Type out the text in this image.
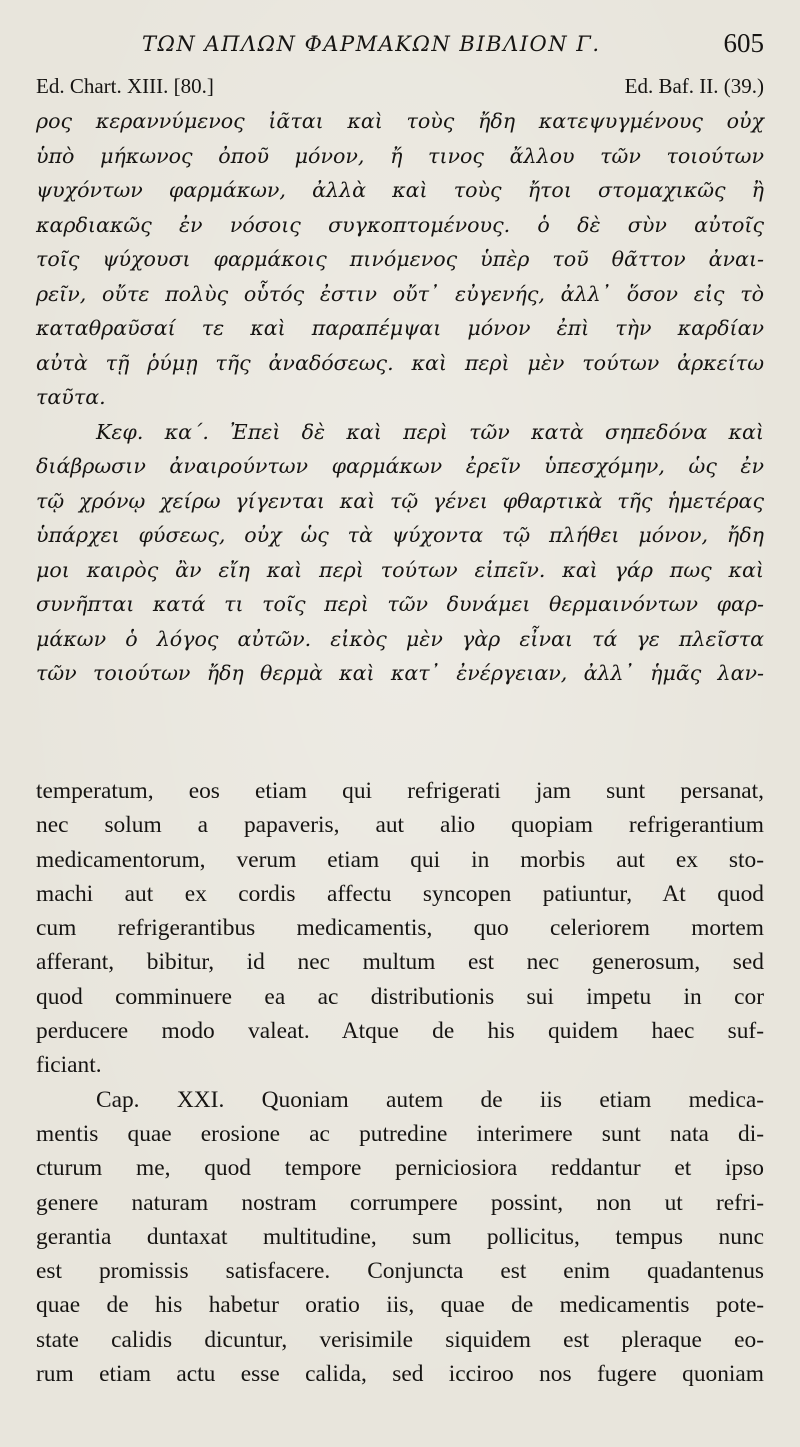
ΤΩΝ ΑΠΛΩΝ ΦΑΡΜΑΚΩΝ ΒΙΒΛΙΟΝ Γ.	605
Ed. Chart. XIII. [80.]	Ed. Baf. II. (39.)
ρος κεραννύμενος ἰᾶται καὶ τοὺς ἤδη κατεψυγμένους οὐχ
ὑπὸ μήκωνος ὀποῦ μόνον, ἤ τινος ἄλλου τῶν τοιούτων
ψυχόντων φαρμάκων, ἀλλὰ καὶ τοὺς ἤτοι στομαχικῶς ἢ
καρδιακῶς ἐν νόσοις συγκοπτομένους. ὁ δὲ σὺν αὐτοῖς
τοῖς ψύχουσι φαρμάκοις πινόμενος ὑπὲρ τοῦ θᾶττον ἀναι-
ρεῖν, οὔτε πολὺς οὗτός ἐστιν οὔτ᾽ εὐγενής, ἀλλ᾽ ὅσον εἰς τὸ
καταθραῦσαί τε καὶ παραπέμψαι μόνον ἐπὶ τὴν καρδίαν
αὐτὰ τῇ ῥύμῃ τῆς ἀναδόσεως. καὶ περὶ μὲν τούτων ἀρκείτω
ταῦτα.
Κεφ. κα΄. Ἐπεὶ δὲ καὶ περὶ τῶν κατὰ σηπεδόνα καὶ
διάβρωσιν ἀναιρούντων φαρμάκων ἐρεῖν ὑπεσχόμην, ὡς ἐν
τῷ χρόνῳ χείρω γίγενται καὶ τῷ γένει φθαρτικὰ τῆς ἡμετέρας
ὑπάρχει φύσεως, οὐχ ὡς τὰ ψύχοντα τῷ πλήθει μόνον, ἤδη
μοι καιρὸς ἂν εἴη καὶ περὶ τούτων εἰπεῖν. καὶ γάρ πως καὶ
συνῆπται κατά τι τοῖς περὶ τῶν δυνάμει θερμαινόντων φαρ-
μάκων ὁ λόγος αὐτῶν. εἰκὸς μὲν γὰρ εἶναι τά γε πλεῖστα
τῶν τοιούτων ἤδη θερμὰ καὶ κατ᾽ ἐνέργειαν, ἀλλ᾽ ἡμᾶς λαν-
temperatum, eos etiam qui refrigerati jam sunt persanat,
nec solum a papaveris, aut alio quopiam refrigerantium
medicamentorum, verum etiam qui in morbis aut ex sto-
machi aut ex cordis affectu syncopen patiuntur, At quod
cum refrigerantibus medicamentis, quo celeriorem mortem
afferant, bibitur, id nec multum est nec generosum, sed
quod comminuere ea ac distributionis sui impetu in cor
perducere modo valeat. Atque de his quidem haec suf-
ficiant.
Cap. XXI. Quoniam autem de iis etiam medica-
mentis quae erosione ac putredine interimere sunt nata di-
cturum me, quod tempore perniciosiora reddantur et ipso
genere naturam nostram corrumpere possint, non ut refri-
gerantia duntaxat multitudine, sum pollicitus, tempus nunc
est promissis satisfacere. Conjuncta est enim quadantenus
quae de his habetur oratio iis, quae de medicamentis pote-
state calidis dicuntur, verisimile siquidem est pleraque eo-
rum etiam actu esse calida, sed icciroo nos fugere quoniam
